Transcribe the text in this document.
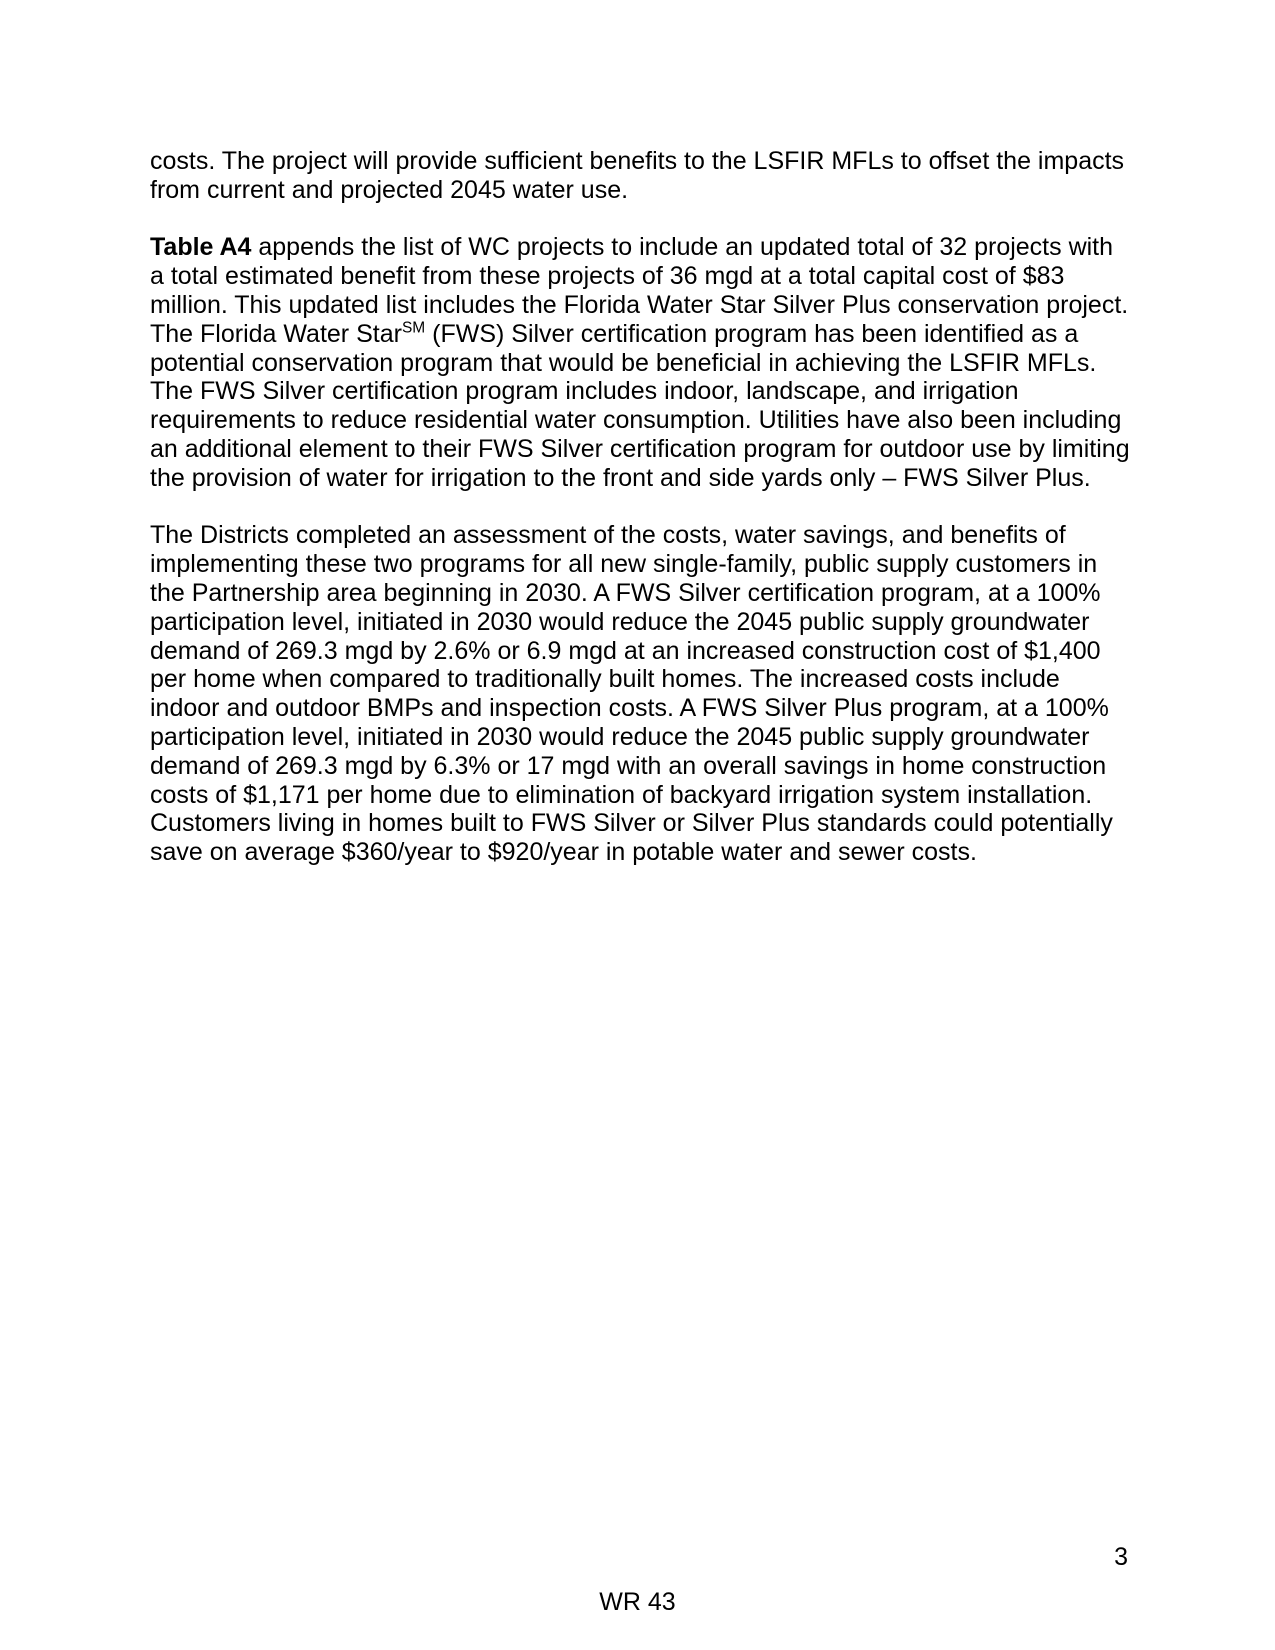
costs. The project will provide sufficient benefits to the LSFIR MFLs to offset the impacts from current and projected 2045 water use.

Table A4 appends the list of WC projects to include an updated total of 32 projects with a total estimated benefit from these projects of 36 mgd at a total capital cost of $83 million. This updated list includes the Florida Water Star Silver Plus conservation project. The Florida Water Star℠ (FWS) Silver certification program has been identified as a potential conservation program that would be beneficial in achieving the LSFIR MFLs. The FWS Silver certification program includes indoor, landscape, and irrigation requirements to reduce residential water consumption. Utilities have also been including an additional element to their FWS Silver certification program for outdoor use by limiting the provision of water for irrigation to the front and side yards only – FWS Silver Plus.

The Districts completed an assessment of the costs, water savings, and benefits of implementing these two programs for all new single-family, public supply customers in the Partnership area beginning in 2030. A FWS Silver certification program, at a 100% participation level, initiated in 2030 would reduce the 2045 public supply groundwater demand of 269.3 mgd by 2.6% or 6.9 mgd at an increased construction cost of $1,400 per home when compared to traditionally built homes. The increased costs include indoor and outdoor BMPs and inspection costs. A FWS Silver Plus program, at a 100% participation level, initiated in 2030 would reduce the 2045 public supply groundwater demand of 269.3 mgd by 6.3% or 17 mgd with an overall savings in home construction costs of $1,171 per home due to elimination of backyard irrigation system installation. Customers living in homes built to FWS Silver or Silver Plus standards could potentially save on average $360/year to $920/year in potable water and sewer costs.

3
WR 43
